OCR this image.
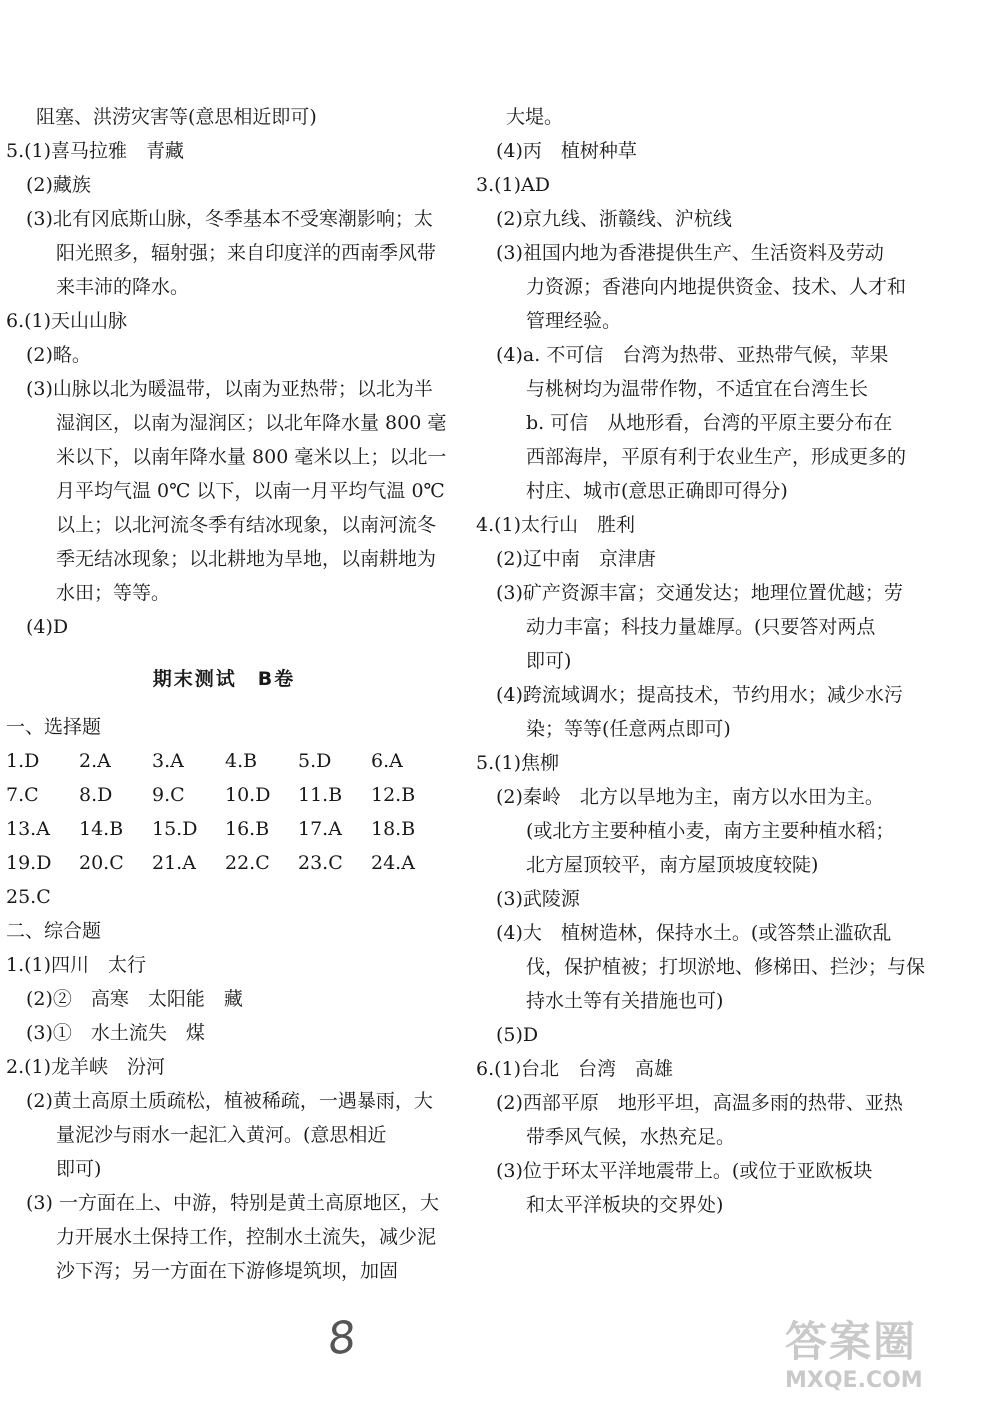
阻塞、洪涝灾害等(意思相近即可)
5.(1)喜马拉雅　青藏
(2)藏族
(3)北有冈底斯山脉，冬季基本不受寒潮影响；太
阳光照多，辐射强；来自印度洋的西南季风带
来丰沛的降水。
6.(1)天山山脉
(2)略。
(3)山脉以北为暖温带，以南为亚热带；以北为半
湿润区，以南为湿润区；以北年降水量 800 毫
米以下，以南年降水量 800 毫米以上；以北一
月平均气温 0℃ 以下，以南一月平均气温 0℃
以上；以北河流冬季有结冰现象，以南河流冬
季无结冰现象；以北耕地为旱地，以南耕地为
水田；等等。
(4)D
期末测试　B卷
一、选择题
1.D	2.A	3.A	4.B	5.D	6.A
7.C	8.D	9.C	10.D	11.B	12.B
13.A	14.B	15.D	16.B	17.A	18.B
19.D	20.C	21.A	22.C	23.C	24.A
25.C
二、综合题
1.(1)四川　太行
(2)②　高寒　太阳能　藏
(3)①　水土流失　煤
2.(1)龙羊峡　汾河
(2)黄土高原土质疏松，植被稀疏，一遇暴雨，大
量泥沙与雨水一起汇入黄河。(意思相近
即可)
(3) 一方面在上、中游，特别是黄土高原地区，大
力开展水土保持工作，控制水土流失，减少泥
沙下泻；另一方面在下游修堤筑坝，加固
大堤。
(4)丙　植树种草
3.(1)AD
(2)京九线、浙赣线、沪杭线
(3)祖国内地为香港提供生产、生活资料及劳动
力资源；香港向内地提供资金、技术、人才和
管理经验。
(4)a. 不可信　台湾为热带、亚热带气候，苹果
与桃树均为温带作物，不适宜在台湾生长
b. 可信　从地形看，台湾的平原主要分布在
西部海岸，平原有利于农业生产，形成更多的
村庄、城市(意思正确即可得分)
4.(1)太行山　胜利
(2)辽中南　京津唐
(3)矿产资源丰富；交通发达；地理位置优越；劳
动力丰富；科技力量雄厚。(只要答对两点
即可)
(4)跨流域调水；提高技术，节约用水；减少水污
染；等等(任意两点即可)
5.(1)焦柳
(2)秦岭　北方以旱地为主，南方以水田为主。
(或北方主要种植小麦，南方主要种植水稻；
北方屋顶较平，南方屋顶坡度较陡)
(3)武陵源
(4)大　植树造林，保持水土。(或答禁止滥砍乱
伐，保护植被；打坝淤地、修梯田、拦沙；与保
持水土等有关措施也可)
(5)D
6.(1)台北　台湾　高雄
(2)西部平原　地形平坦，高温多雨的热带、亚热
带季风气候，水热充足。
(3)位于环太平洋地震带上。(或位于亚欧板块
和太平洋板块的交界处)
8	答案圈
MXQE.COM
